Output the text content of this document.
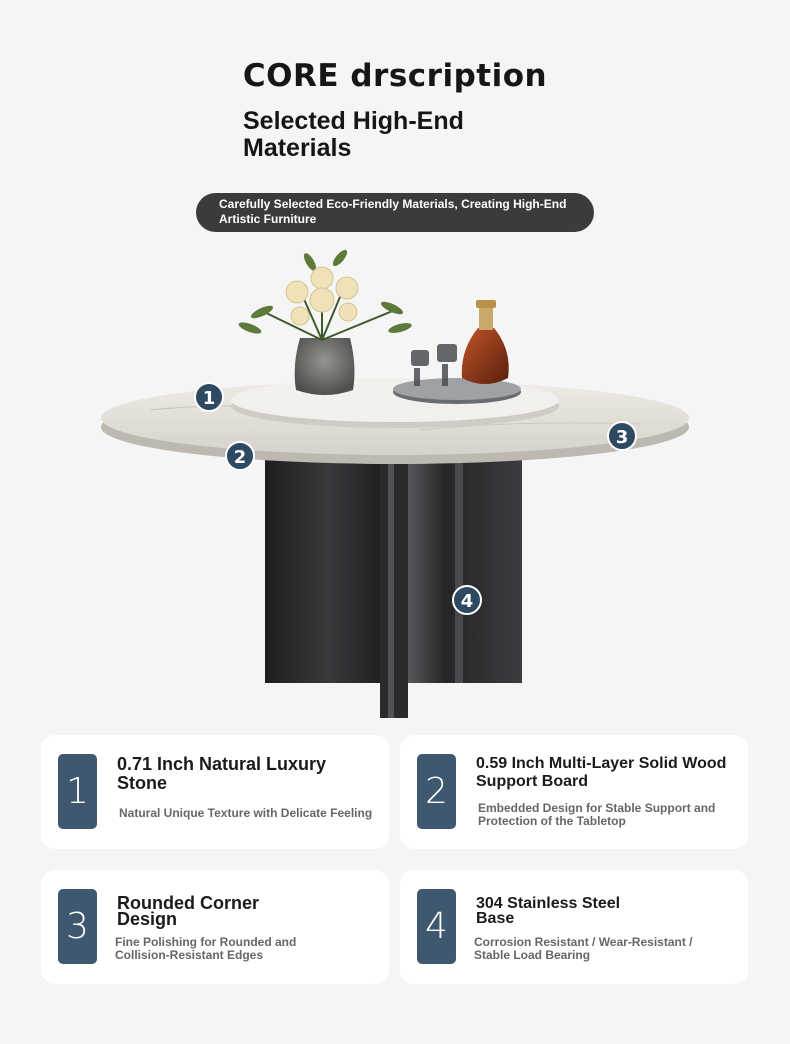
CORE drscription
Selected High-End Materials
Carefully Selected Eco-Friendly Materials, Creating High-End Artistic Furniture
1
2
3
4
1
0.71 Inch Natural Luxury Stone
Natural Unique Texture with Delicate Feeling
2
0.59 Inch Multi-Layer Solid Wood Support Board
Embedded Design for Stable Support and Protection of the Tabletop
3
Rounded Corner Design
Fine Polishing for Rounded and Collision-Resistant Edges
4
304 Stainless Steel Base
Corrosion Resistant / Wear-Resistant / Stable Load Bearing
